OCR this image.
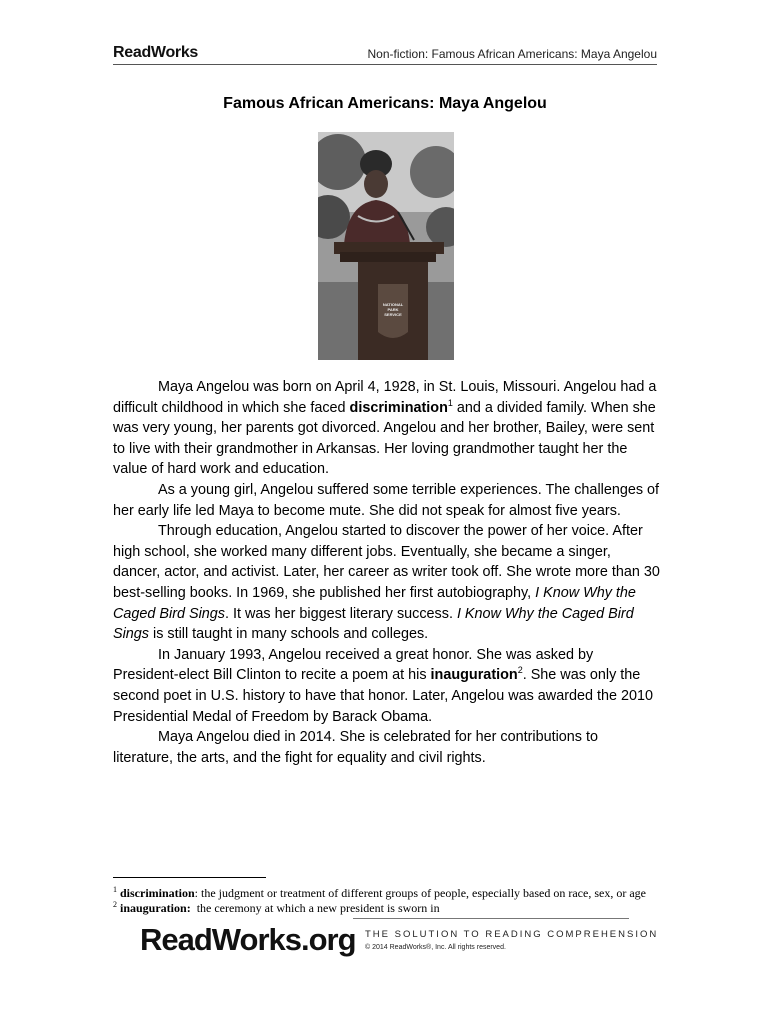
ReadWorks	Non-fiction: Famous African Americans: Maya Angelou
Famous African Americans: Maya Angelou
NATIONAL
PARK
SERVICE

Maya Angelou was born on April 4, 1928, in St. Louis, Missouri. Angelou had a difficult childhood in which she faced discrimination$^1$ and a divided family. When she was very young, her parents got divorced. Angelou and her brother, Bailey, were sent to live with their grandmother in Arkansas. Her loving grandmother taught her the value of hard work and education.

As a young girl, Angelou suffered some terrible experiences. The challenges of her early life led Maya to become mute. She did not speak for almost five years.

Through education, Angelou started to discover the power of her voice. After high school, she worked many different jobs. Eventually, she became a singer, dancer, actor, and activist. Later, her career as writer took off. She wrote more than 30 best-selling books. In 1969, she published her first autobiography, I Know Why the Caged Bird Sings. It was her biggest literary success. I Know Why the Caged Bird Sings is still taught in many schools and colleges.

In January 1993, Angelou received a great honor. She was asked by President-elect Bill Clinton to recite a poem at his inauguration$^2$. She was only the second poet in U.S. history to have that honor. Later, Angelou was awarded the 2010 Presidential Medal of Freedom by Barack Obama.

Maya Angelou died in 2014. She is celebrated for her contributions to literature, the arts, and the fight for equality and civil rights.

$^1$ discrimination: the judgment or treatment of different groups of people, especially based on race, sex, or age
$^2$ inauguration:  the ceremony at which a new president is sworn in
ReadWorks.org THE SOLUTION TO READING COMPREHENSION
© 2014 ReadWorks®, Inc. All rights reserved.
